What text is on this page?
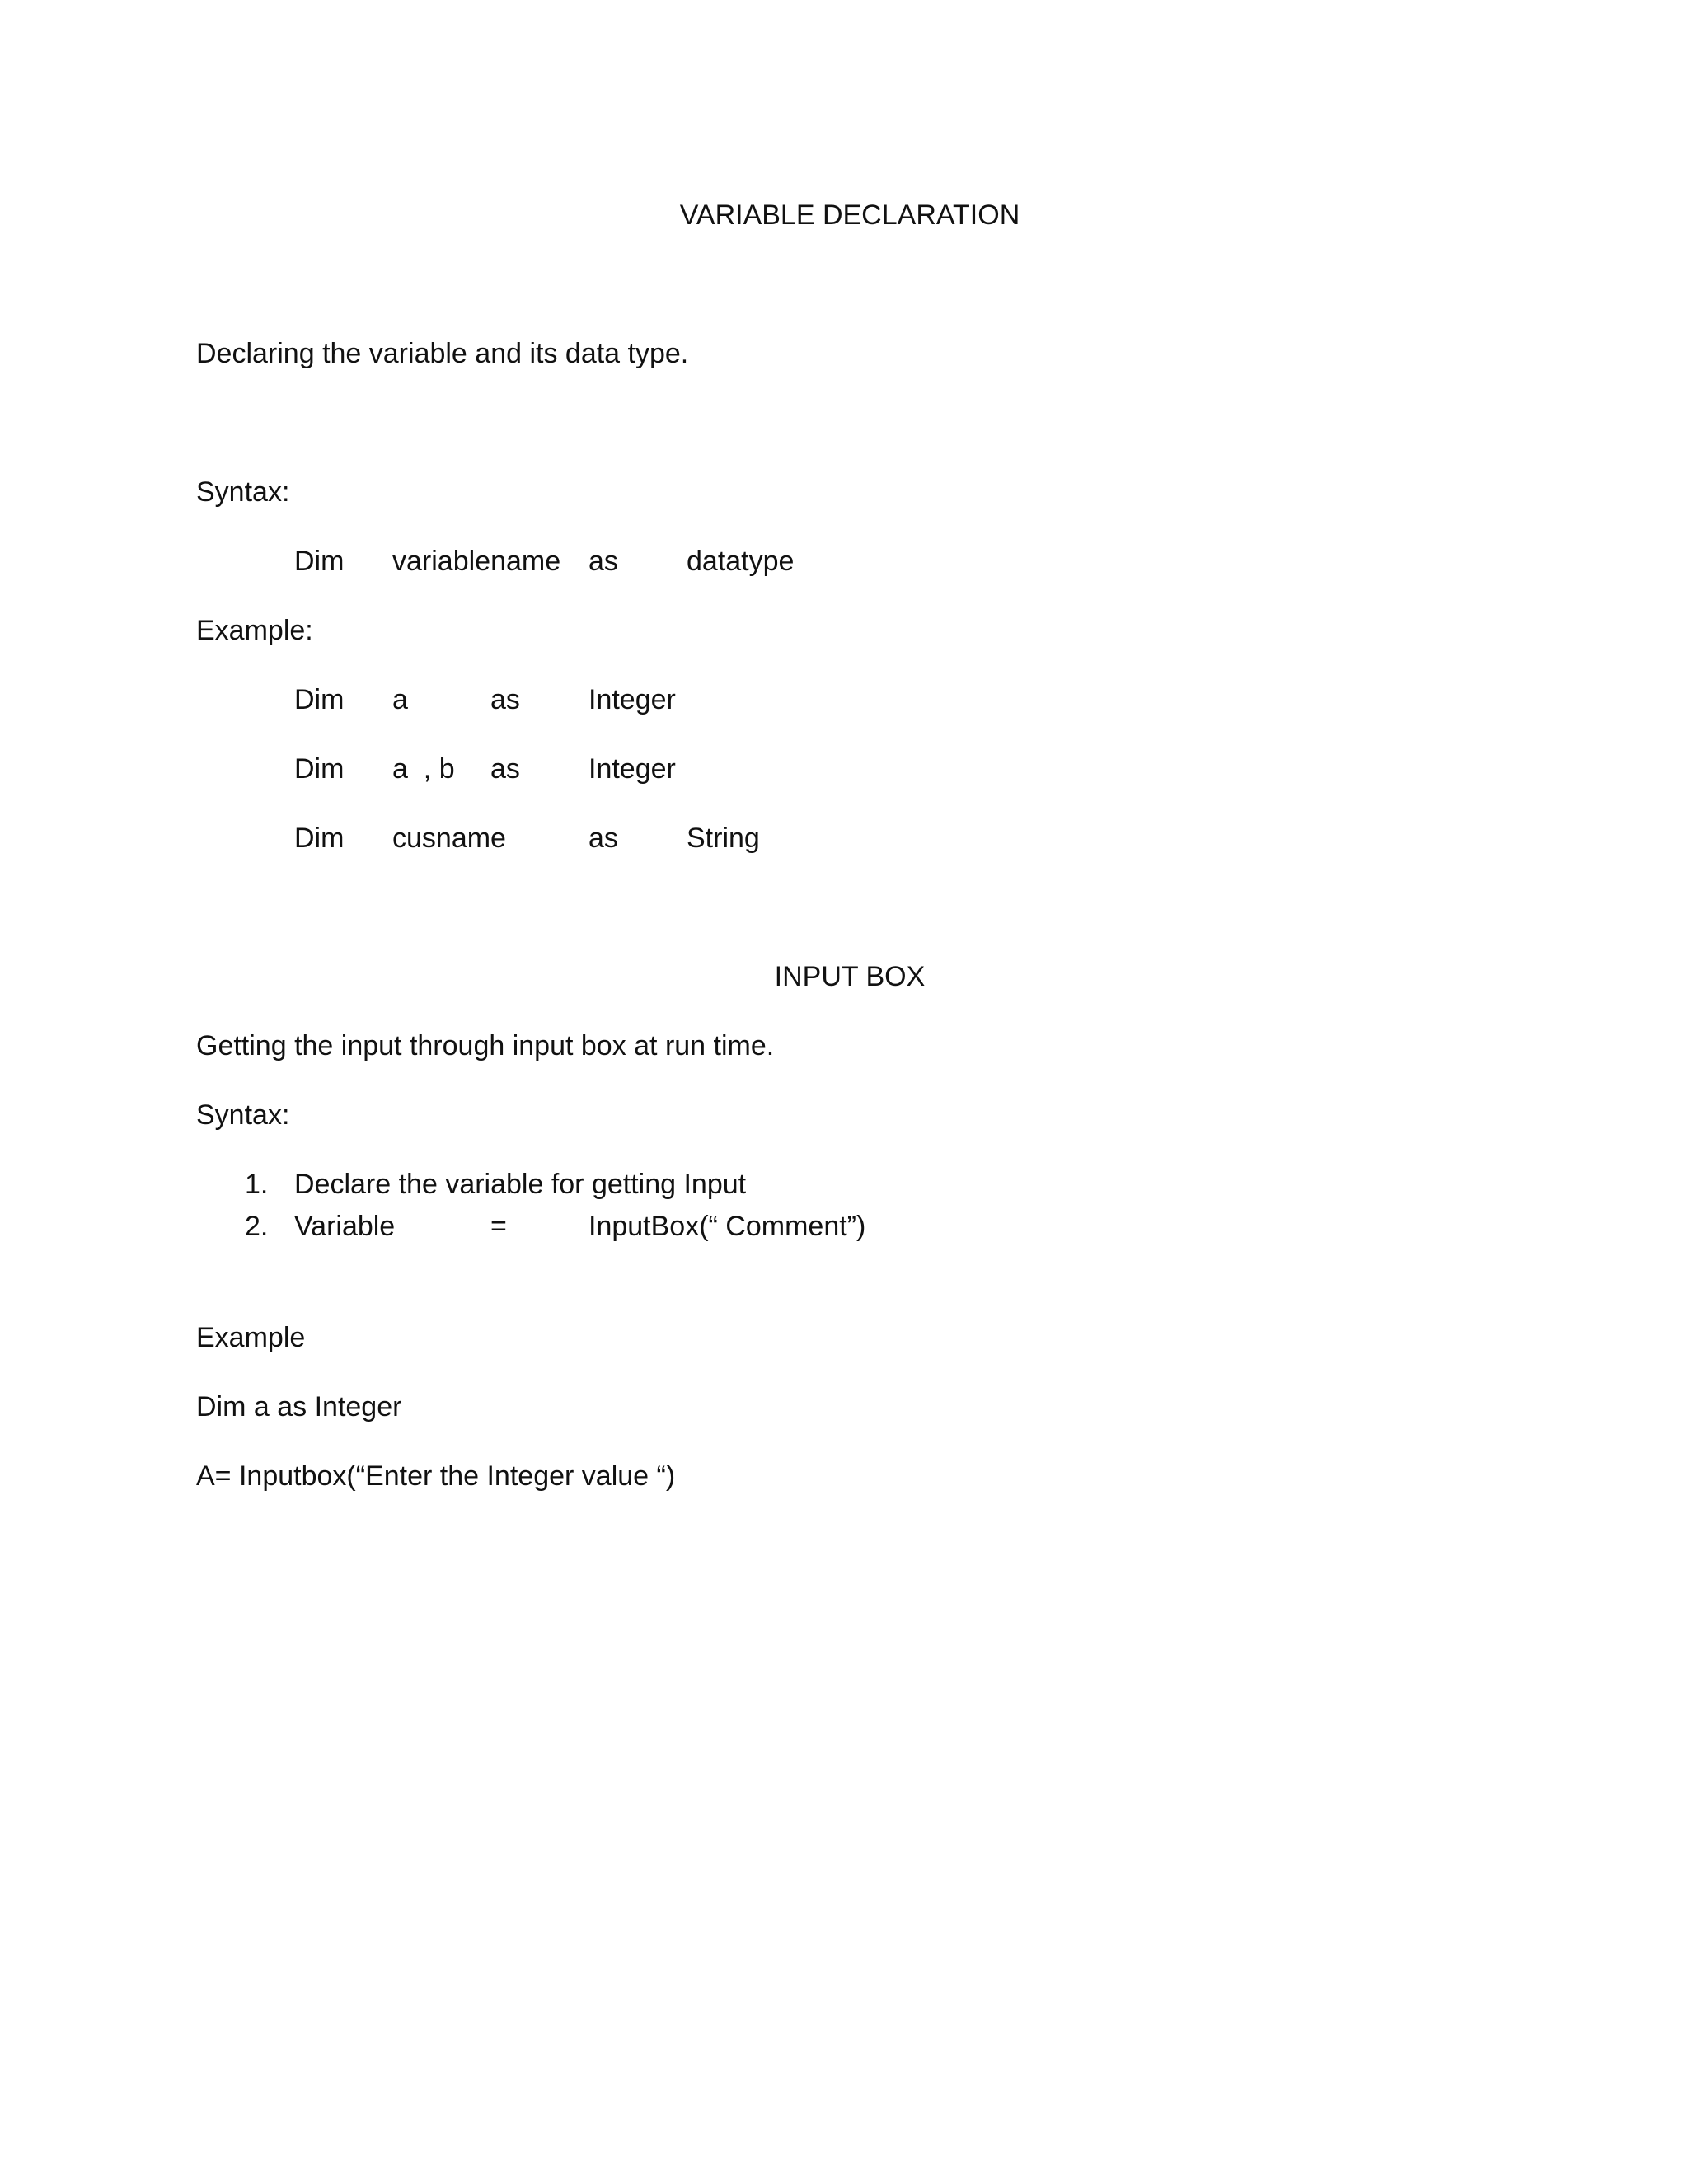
VARIABLE DECLARATION
Declaring the variable and its data type.
Syntax:
Dim variablename as datatype
Example:
Dim a	as Integer
Dim a  , b as Integer
Dim cusname	as String
INPUT BOX
Getting the input through input box at run time.
Syntax:
1. Declare the variable for getting Input
2. Variable	=	InputBox(“ Comment”)
Example
Dim a as Integer
A= Inputbox(“Enter the Integer value “)
